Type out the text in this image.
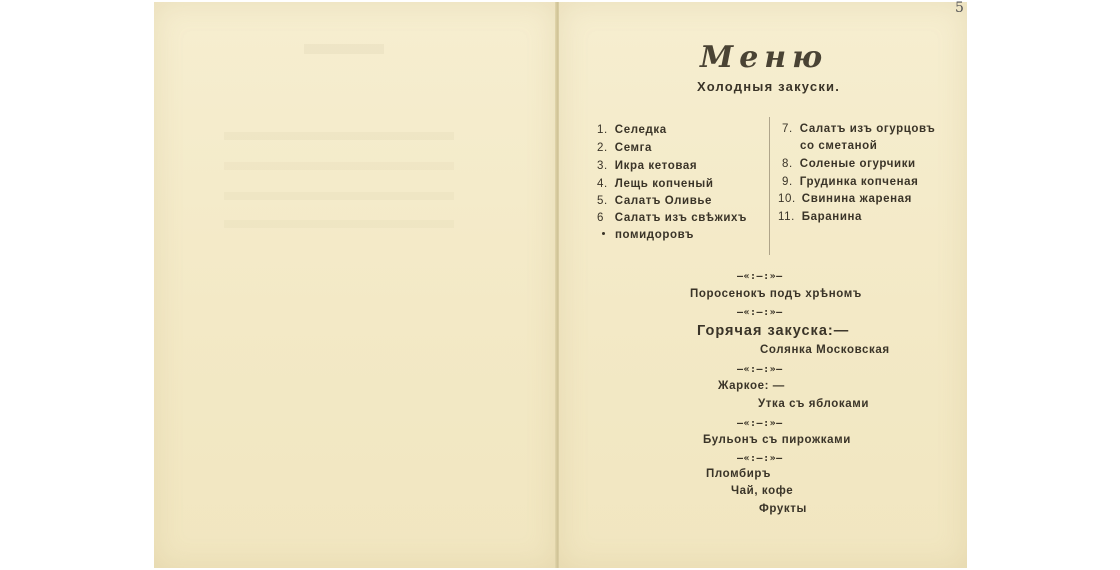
5
Меню
Холодныя закуски.
1. Селедка
2. Семга
3. Икра кетовая
4. Лещь копченый
5. Салатъ Оливье
6 Салатъ изъ свѣжихъ
помидоровъ
7. Салатъ изъ огурцовъ
со сметаной
8. Соленые огурчики
9. Грудинка копченая
10. Свинина жареная
11. Баранина
—«:—:»—
Поросенокъ подъ хрѣномъ
—«:—:»—
Горячая закуска:—
Солянка Московская
—«:—:»—
Жаркое: —
Утка съ яблоками
—«:—:»—
Бульонъ съ пирожками
—«:—:»—
Пломбиръ
Чай, кофе
Фрукты
